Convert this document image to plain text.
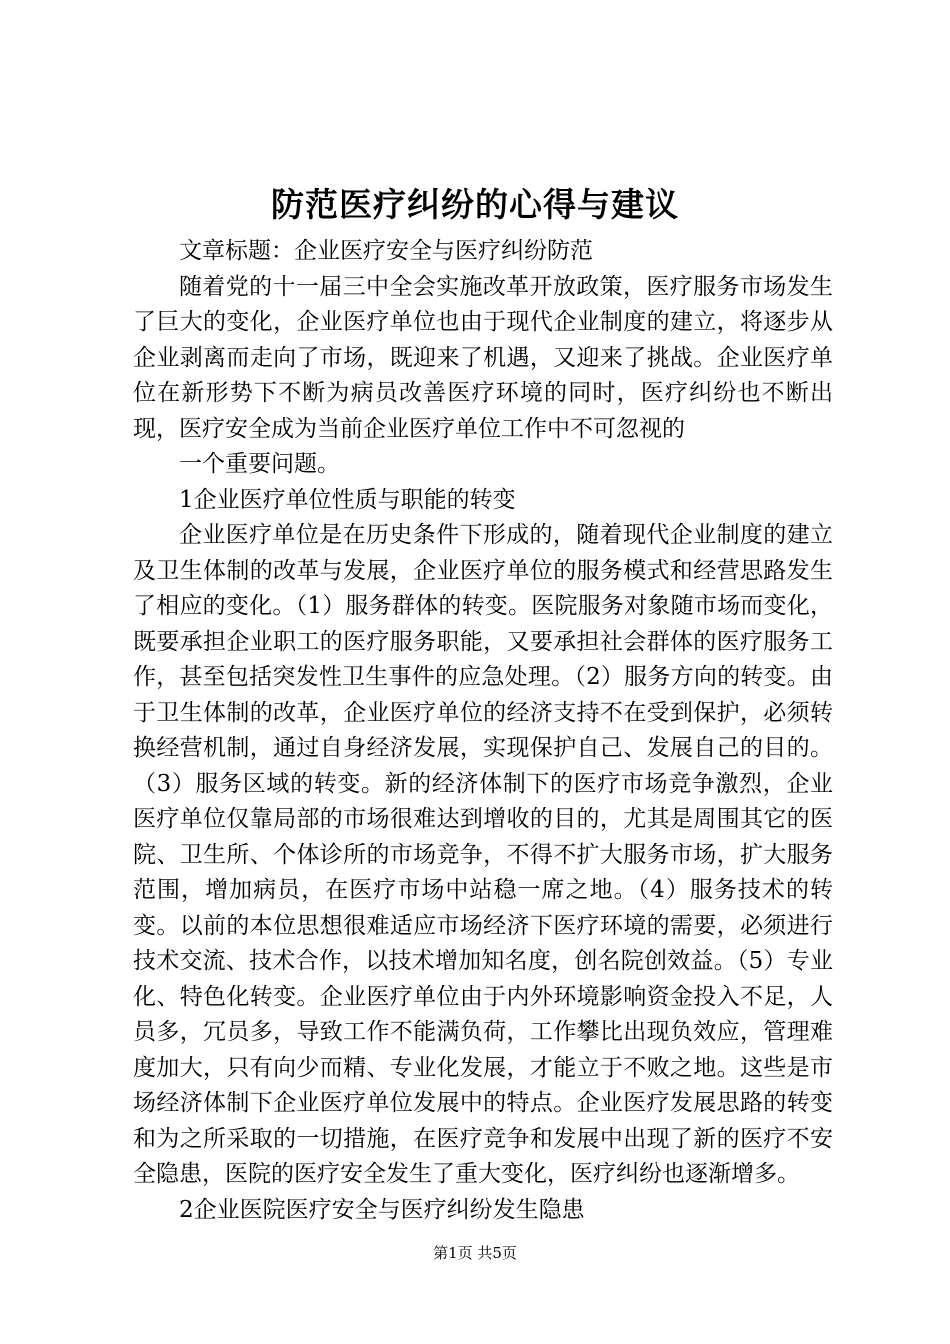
防范医疗纠纷的心得与建议

文章标题：企业医疗安全与医疗纠纷防范

随着党的十一届三中全会实施改革开放政策，医疗服务市场发生了巨大的变化，企业医疗单位也由于现代企业制度的建立，将逐步从企业剥离而走向了市场，既迎来了机遇，又迎来了挑战。企业医疗单位在新形势下不断为病员改善医疗环境的同时，医疗纠纷也不断出现，医疗安全成为当前企业医疗单位工作中不可忽视的

一个重要问题。

1企业医疗单位性质与职能的转变

企业医疗单位是在历史条件下形成的，随着现代企业制度的建立及卫生体制的改革与发展，企业医疗单位的服务模式和经营思路发生了相应的变化。（1）服务群体的转变。医院服务对象随市场而变化，既要承担企业职工的医疗服务职能，又要承担社会群体的医疗服务工作，甚至包括突发性卫生事件的应急处理。（2）服务方向的转变。由于卫生体制的改革，企业医疗单位的经济支持不在受到保护，必须转换经营机制，通过自身经济发展，实现保护自己、发展自己的目的。（3）服务区域的转变。新的经济体制下的医疗市场竞争激烈，企业医疗单位仅靠局部的市场很难达到增收的目的，尤其是周围其它的医院、卫生所、个体诊所的市场竞争，不得不扩大服务市场，扩大服务范围，增加病员，在医疗市场中站稳一席之地。（4）服务技术的转变。以前的本位思想很难适应市场经济下医疗环境的需要，必须进行技术交流、技术合作，以技术增加知名度，创名院创效益。（5）专业化、特色化转变。企业医疗单位由于内外环境影响资金投入不足，人员多，冗员多，导致工作不能满负荷，工作攀比出现负效应，管理难度加大，只有向少而精、专业化发展，才能立于不败之地。这些是市场经济体制下企业医疗单位发展中的特点。企业医疗发展思路的转变和为之所采取的一切措施，在医疗竞争和发展中出现了新的医疗不安全隐患，医院的医疗安全发生了重大变化，医疗纠纷也逐渐增多。

2企业医院医疗安全与医疗纠纷发生隐患

第1页 共5页
